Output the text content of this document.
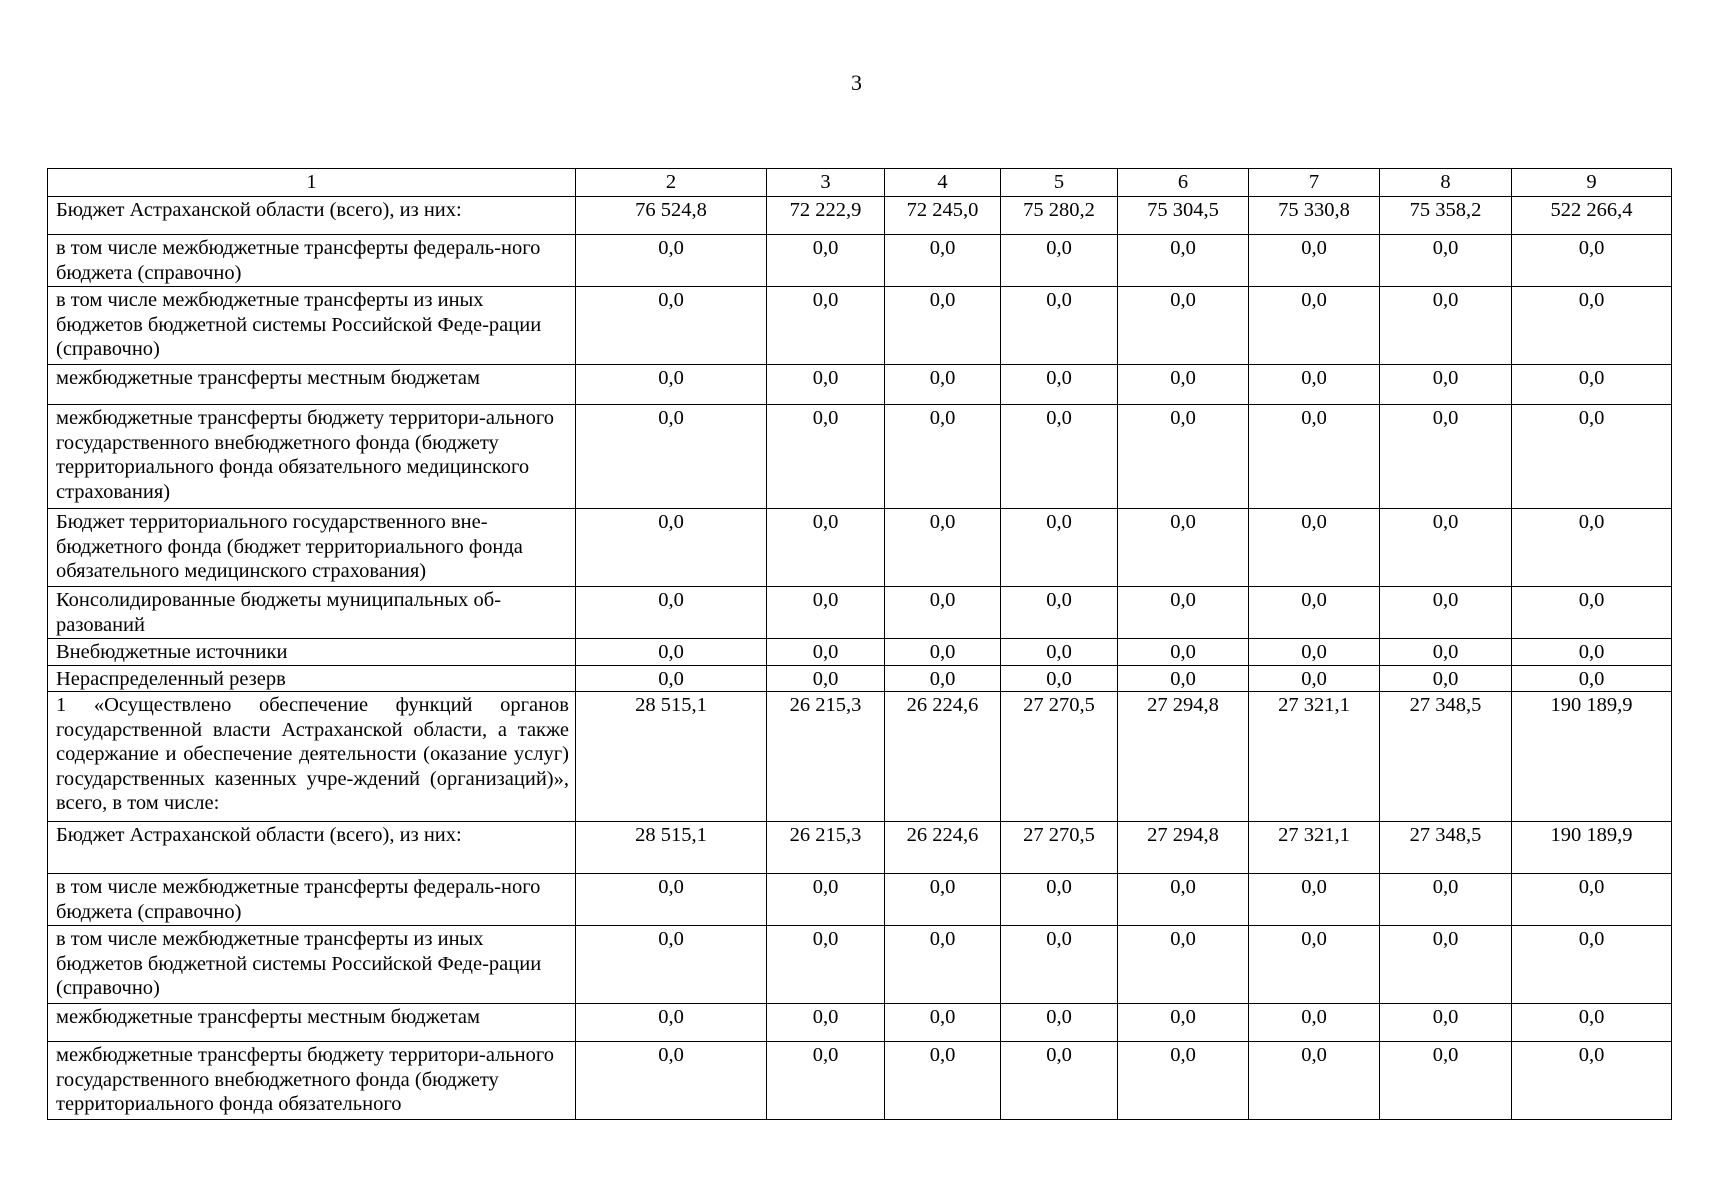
3
1	2	3	4	5	6	7	8	9
Бюджет Астраханской области (всего), из них:	76 524,8	72 222,9	72 245,0	75 280,2	75 304,5	75 330,8	75 358,2	522 266,4
в том числе межбюджетные трансферты федераль-ного бюджета (справочно)	0,0	0,0	0,0	0,0	0,0	0,0	0,0	0,0
в том числе межбюджетные трансферты из иных бюджетов бюджетной системы Российской Феде-рации (справочно)	0,0	0,0	0,0	0,0	0,0	0,0	0,0	0,0
межбюджетные трансферты местным бюджетам	0,0	0,0	0,0	0,0	0,0	0,0	0,0	0,0
межбюджетные трансферты бюджету территори-ального государственного внебюджетного фонда (бюджету территориального фонда обязательного медицинского страхования)	0,0	0,0	0,0	0,0	0,0	0,0	0,0	0,0
Бюджет территориального государственного вне-бюджетного фонда (бюджет территориального фонда обязательного медицинского страхования)	0,0	0,0	0,0	0,0	0,0	0,0	0,0	0,0
Консолидированные бюджеты муниципальных об-разований	0,0	0,0	0,0	0,0	0,0	0,0	0,0	0,0
Внебюджетные источники	0,0	0,0	0,0	0,0	0,0	0,0	0,0	0,0
Нераспределенный резерв	0,0	0,0	0,0	0,0	0,0	0,0	0,0	0,0
1 «Осуществлено обеспечение функций органов государственной власти Астраханской области, а также содержание и обеспечение деятельности (оказание услуг) государственных казенных учре-ждений (организаций)», всего, в том числе:	28 515,1	26 215,3	26 224,6	27 270,5	27 294,8	27 321,1	27 348,5	190 189,9
Бюджет Астраханской области (всего), из них:	28 515,1	26 215,3	26 224,6	27 270,5	27 294,8	27 321,1	27 348,5	190 189,9
в том числе межбюджетные трансферты федераль-ного бюджета (справочно)	0,0	0,0	0,0	0,0	0,0	0,0	0,0	0,0
в том числе межбюджетные трансферты из иных бюджетов бюджетной системы Российской Феде-рации (справочно)	0,0	0,0	0,0	0,0	0,0	0,0	0,0	0,0
межбюджетные трансферты местным бюджетам	0,0	0,0	0,0	0,0	0,0	0,0	0,0	0,0
межбюджетные трансферты бюджету территори-ального государственного внебюджетного фонда (бюджету территориального фонда обязательного	0,0	0,0	0,0	0,0	0,0	0,0	0,0	0,0
